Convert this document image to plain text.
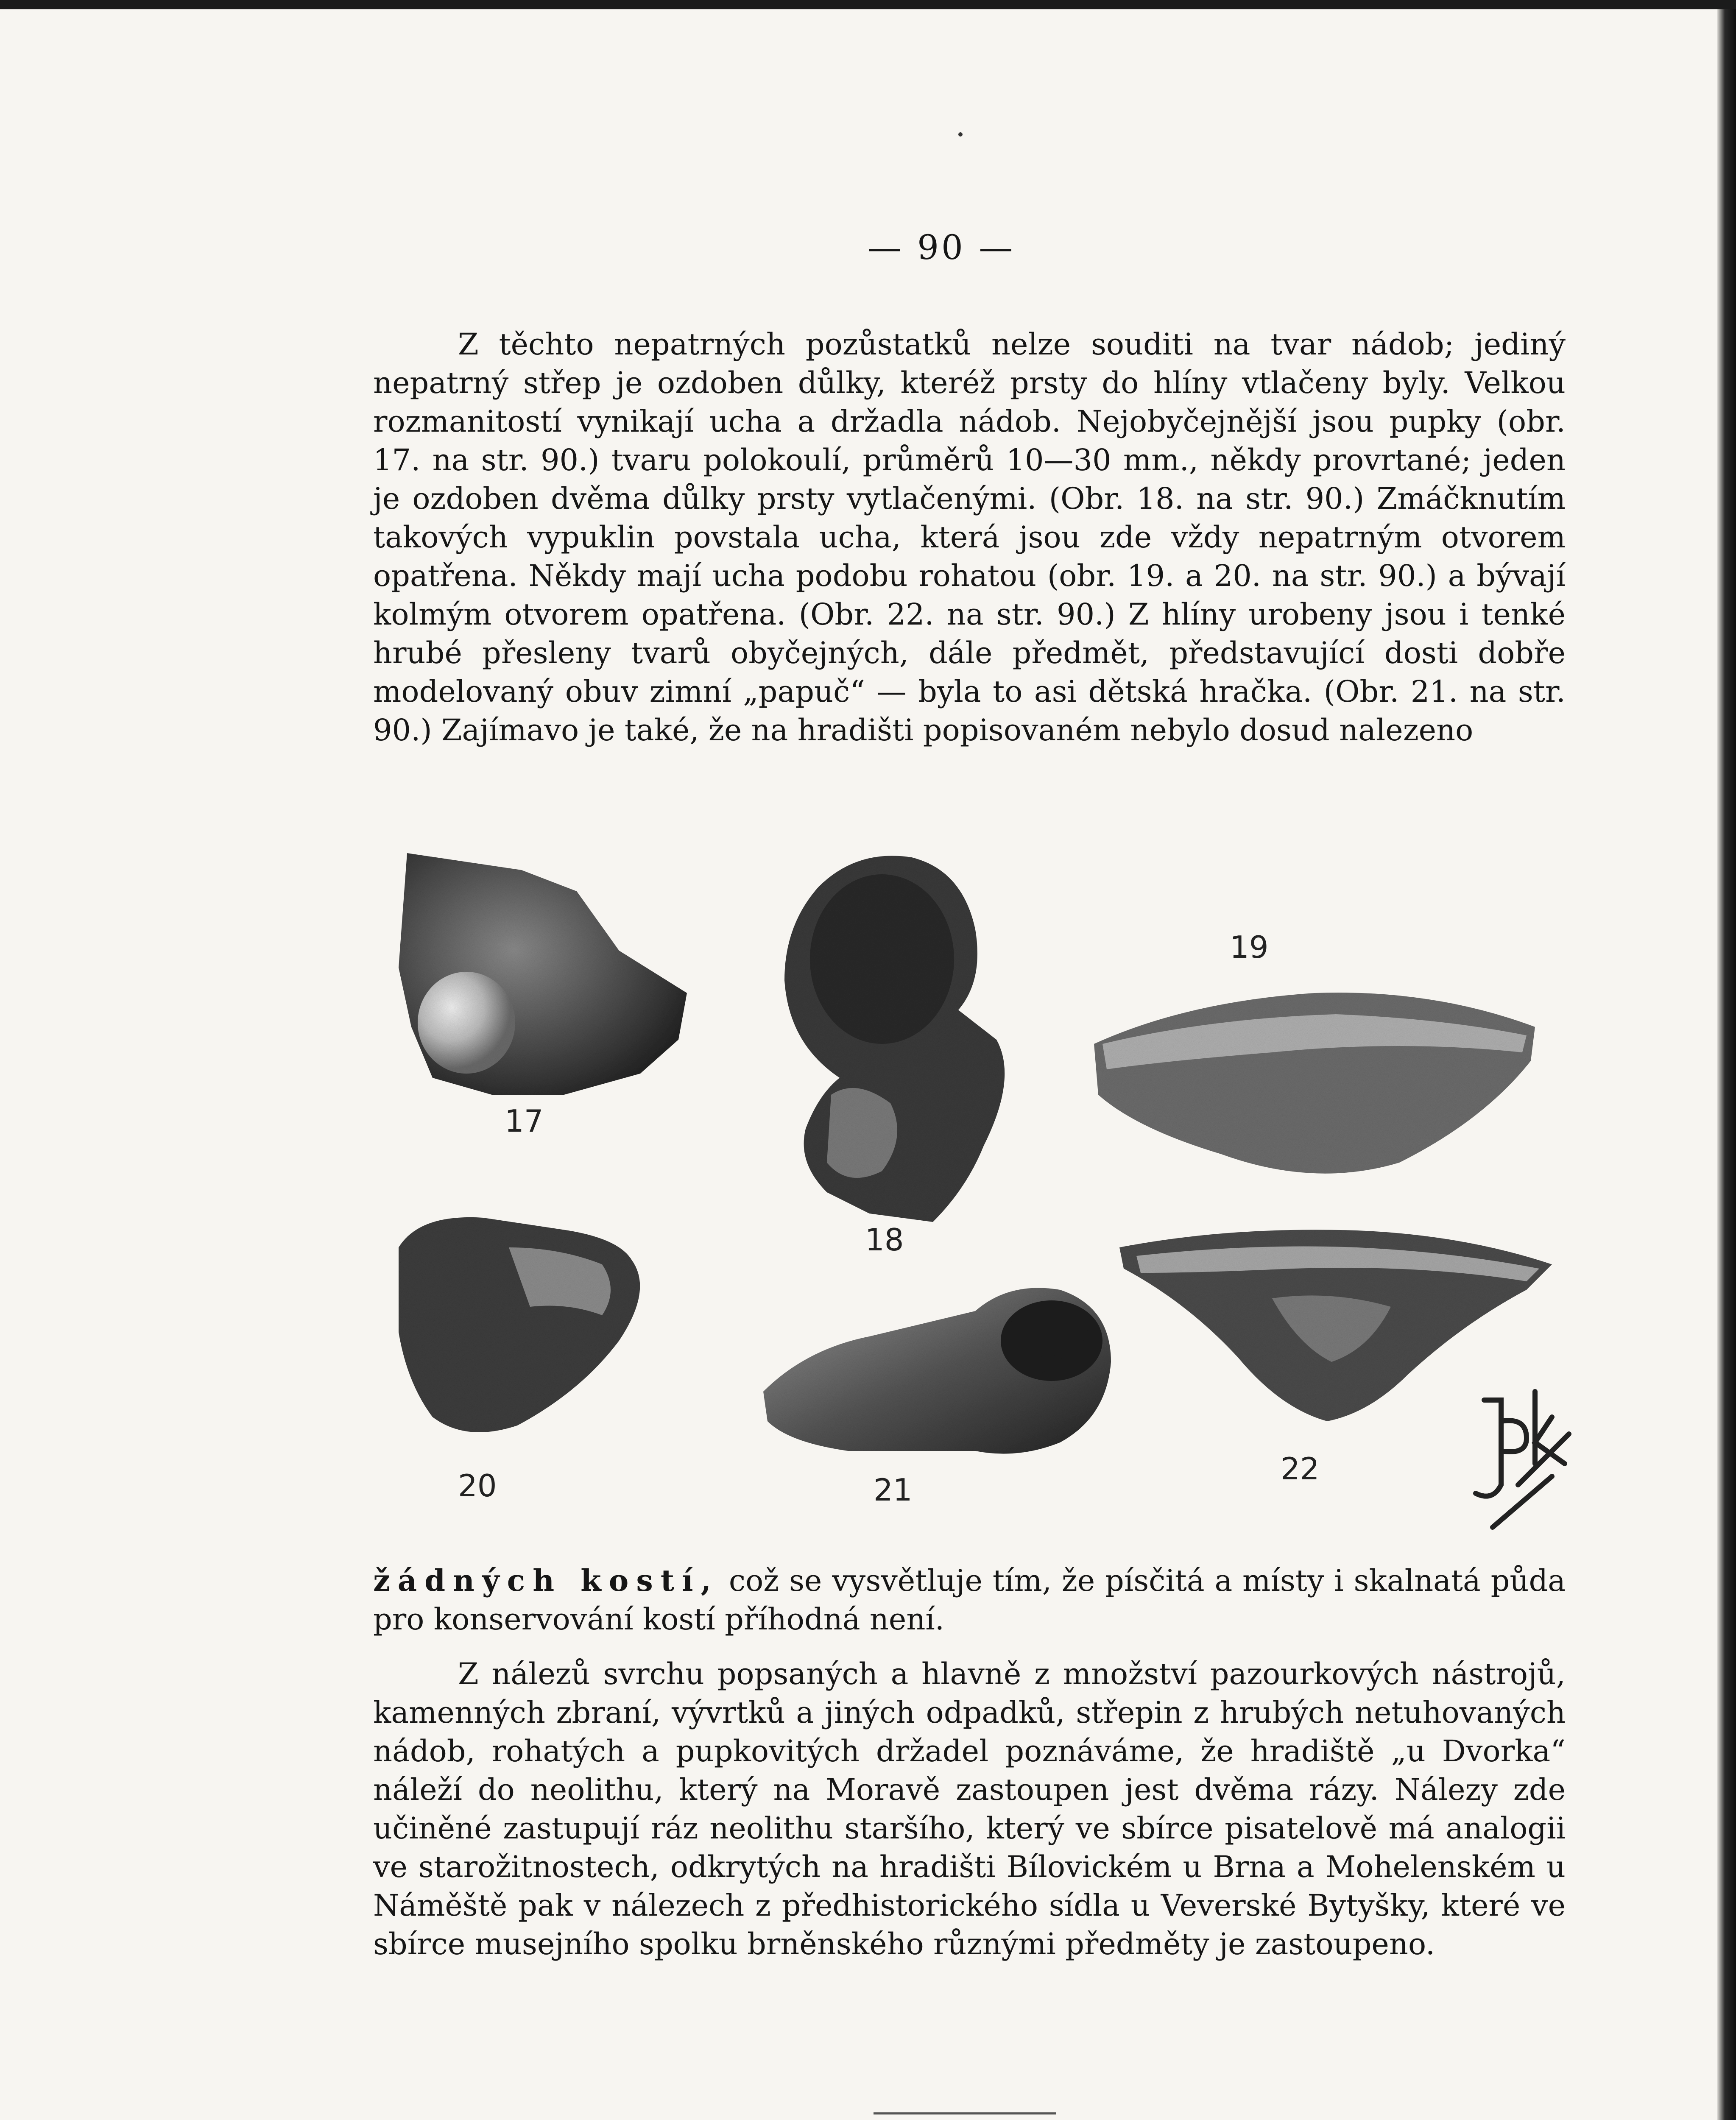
— 90 —

Z těchto nepatrných pozůstatků nelze souditi na tvar nádob; jediný nepatrný střep je ozdoben důlky, kteréž prsty do hlíny vtlačeny byly. Velkou rozmanitostí vynikají ucha a držadla nádob. Nejobyčejnější jsou pupky (obr. 17. na str. 90.) tvaru polokoulí, průměrů 10—30 mm., někdy provrtané; jeden je ozdoben dvěma důlky prsty vytlačenými. (Obr. 18. na str. 90.) Zmáčknutím takových vypuklin povstala ucha, která jsou zde vždy nepatrným otvorem opatřena. Někdy mají ucha podobu rohatou (obr. 19. a 20. na str. 90.) a bývají kolmým otvorem opatřena. (Obr. 22. na str. 90.) Z hlíny urobeny jsou i tenké hrubé přesleny tvarů obyčejných, dále předmět, představující dosti dobře modelovaný obuv zimní „papuč“ — byla to asi dětská hračka. (Obr. 21. na str. 90.) Zajímavo je také, že na hradišti popisovaném nebylo dosud nalezeno

17
18
19
20	21
22

žádných kostí, což se vysvětluje tím, že písčitá a místy i skalnatá půda pro konservování kostí příhodná není.

Z nálezů svrchu popsaných a hlavně z množství pazourkových nástrojů, kamenných zbraní, vývrtků a jiných odpadků, střepin z hrubých netuhovaných nádob, rohatých a pupkovitých držadel poznáváme, že hradiště „u Dvorka“ náleží do neolithu, který na Moravě zastoupen jest dvěma rázy. Nálezy zde učiněné zastupují ráz neolithu staršího, který ve sbírce pisatelově má analogii ve starožitnostech, odkrytých na hradišti Bílovickém u Brna a Mohelenském u Náměště pak v nálezech z předhistorického sídla u Veverské Bytyšky, které ve sbírce musejního spolku brněnského různými předměty je zastoupeno.
